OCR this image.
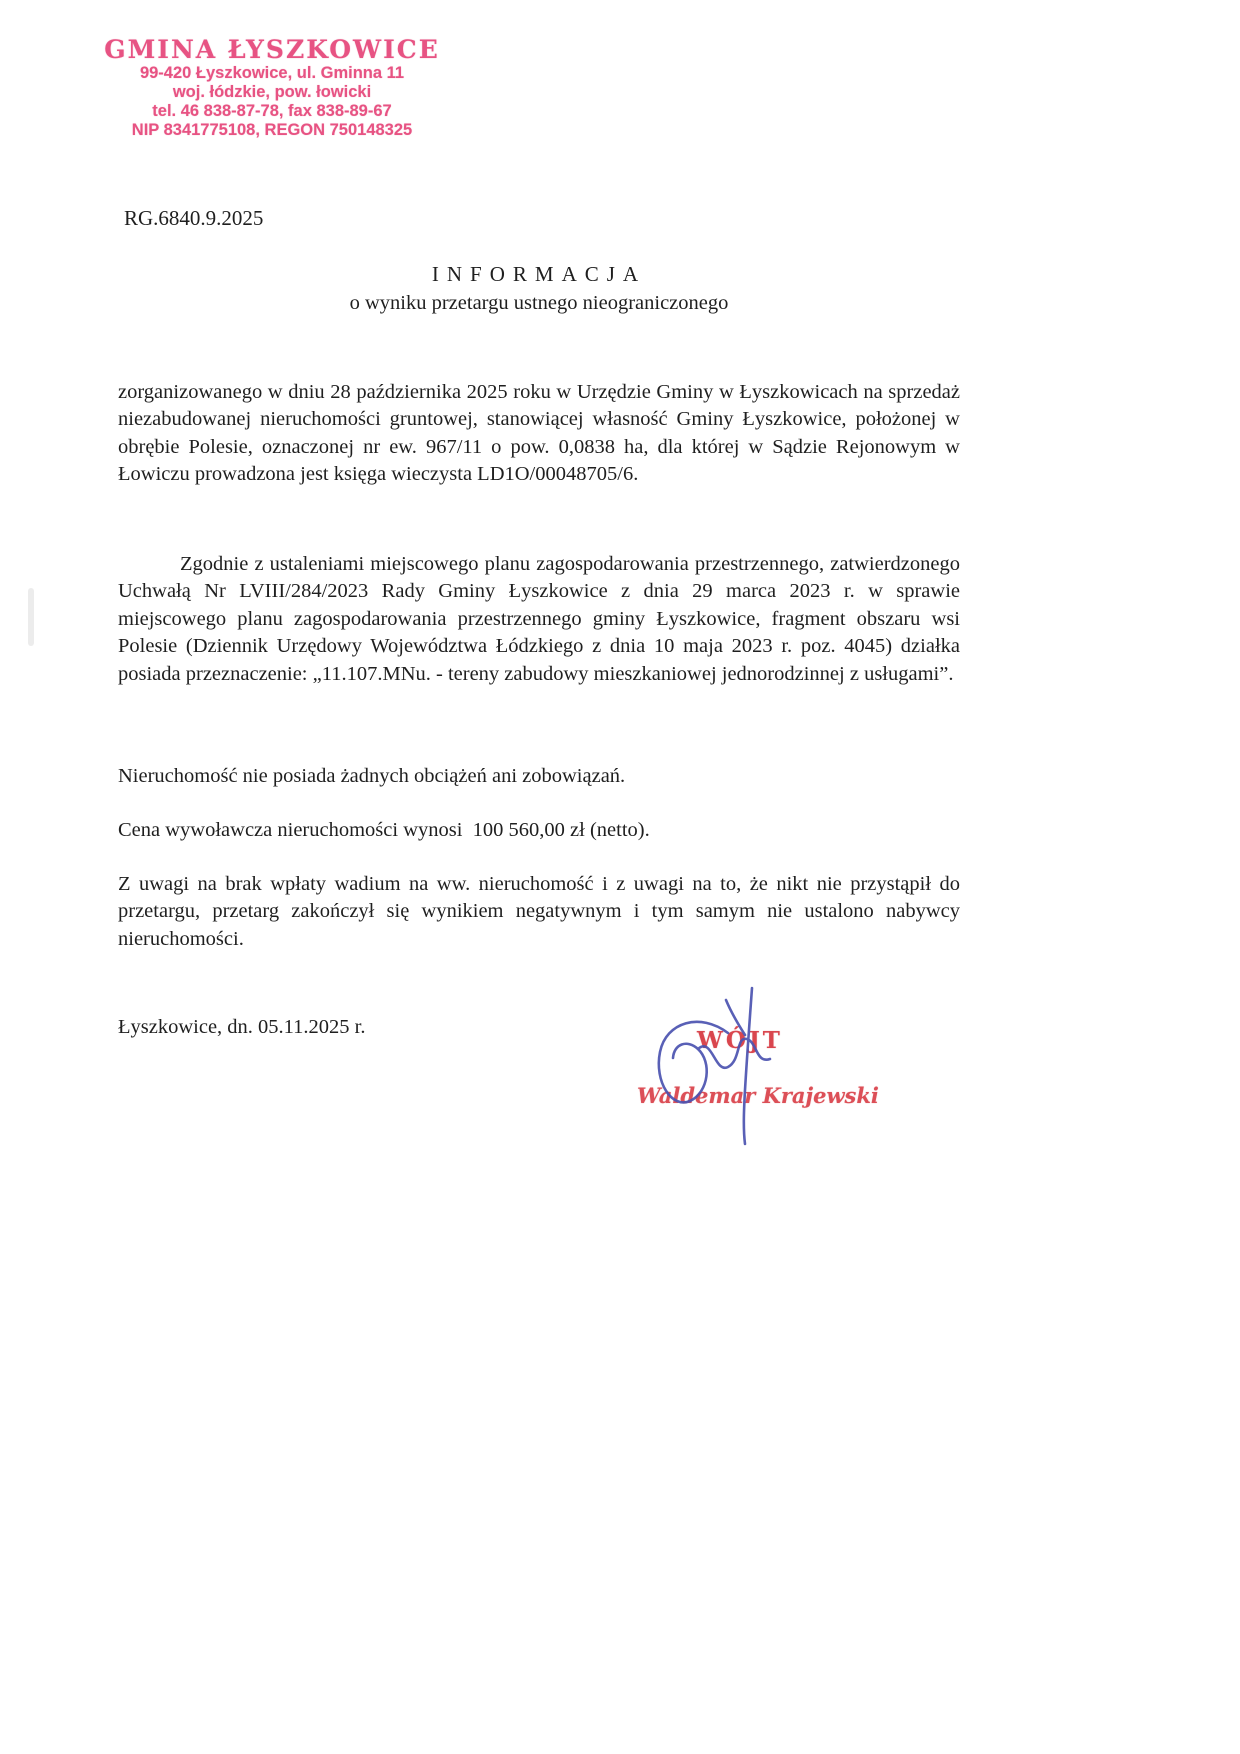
GMINA ŁYSZKOWICE
99-420 Łyszkowice, ul. Gminna 11
woj. łódzkie, pow. łowicki
tel. 46 838-87-78, fax 838-89-67
NIP 8341775108, REGON 750148325
RG.6840.9.2025
INFORMACJA
o wyniku przetargu ustnego nieograniczonego

zorganizowanego w dniu 28 października 2025 roku w Urzędzie Gminy w Łyszkowicach na sprzedaż niezabudowanej nieruchomości gruntowej, stanowiącej własność Gminy Łyszkowice, położonej w obrębie Polesie, oznaczonej nr ew. 967/11 o pow. 0,0838 ha, dla której w Sądzie Rejonowym w Łowiczu prowadzona jest księga wieczysta LD1O/00048705/6.

Zgodnie z ustaleniami miejscowego planu zagospodarowania przestrzennego, zatwierdzonego Uchwałą Nr LVIII/284/2023 Rady Gminy Łyszkowice z dnia 29 marca 2023 r. w sprawie miejscowego planu zagospodarowania przestrzennego gminy Łyszkowice, fragment obszaru wsi Polesie (Dziennik Urzędowy Województwa Łódzkiego z dnia 10 maja 2023 r. poz. 4045) działka posiada przeznaczenie: „11.107.MNu. - tereny zabudowy mieszkaniowej jednorodzinnej z usługami”.

Nieruchomość nie posiada żadnych obciążeń ani zobowiązań.

Cena wywoławcza nieruchomości wynosi  100 560,00 zł (netto).

Z uwagi na brak wpłaty wadium na ww. nieruchomość i z uwagi na to, że nikt nie przystąpił do przetargu, przetarg zakończył się wynikiem negatywnym i tym samym nie ustalono nabywcy nieruchomości.

Łyszkowice, dn. 05.11.2025 r.	WÓJT
Waldemar Krajewski
